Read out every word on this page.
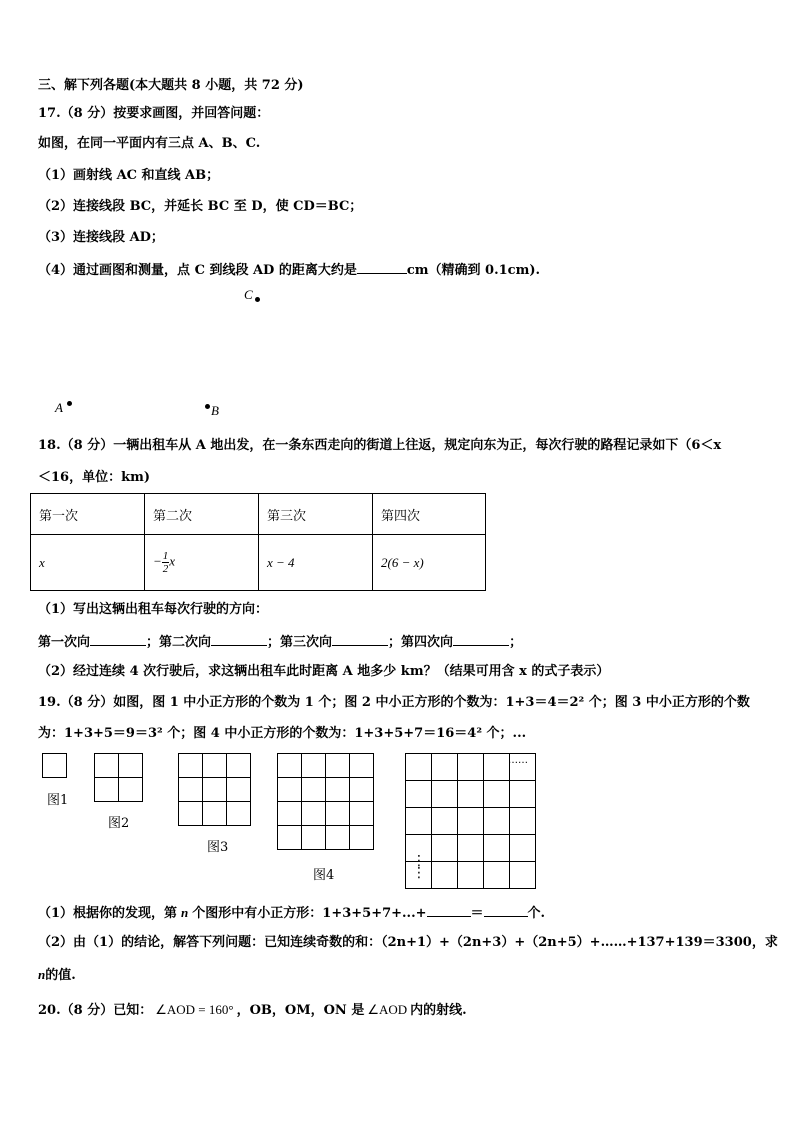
三、解下列各题(本大题共 8 小题，共 72 分)
17.（8 分）按要求画图，并回答问题：
如图，在同一平面内有三点 A、B、C.
（1）画射线 AC 和直线 AB；
（2）连接线段 BC，并延长 BC 至 D，使 CD＝BC；
（3）连接线段 AD；
（4）通过画图和测量，点 C 到线段 AD 的距离大约是	cm（精确到 0.1cm).
C
A	B
18.（8 分）一辆出租车从 A 地出发，在一条东西走向的街道上往返，规定向东为正，每次行驶的路程记录如下（6＜x
＜16，单位：km)
第一次	第二次	第三次	第四次
x	− $\frac{1}{2}$ x	x − 4	2(6 − x)
（1）写出这辆出租车每次行驶的方向：
第一次向	；第二次向	；第三次向	；第四次向	；
（2）经过连续 4 次行驶后，求这辆出租车此时距离 A 地多少 km？（结果可用含 x 的式子表示）
19.（8 分）如图，图 1 中小正方形的个数为 1 个；图 2 中小正方形的个数为：1+3＝4＝2² 个；图 3 中小正方形的个数
为：1+3+5＝9＝3² 个；图 4 中小正方形的个数为：1+3+5+7＝16＝4² 个；...
图1
图2
图3
图4
……
⋮
⋮
（1）根据你的发现，第 n 个图形中有小正方形：1+3+5+7+...+	＝	个.
（2）由（1）的结论，解答下列问题：已知连续奇数的和：（2n+1）+（2n+3）+（2n+5）+……+137+139＝3300，求
n的值.
20.（8 分）已知： ∠AOD = 160° ，OB，OM，ON 是 ∠AOD 内的射线.
